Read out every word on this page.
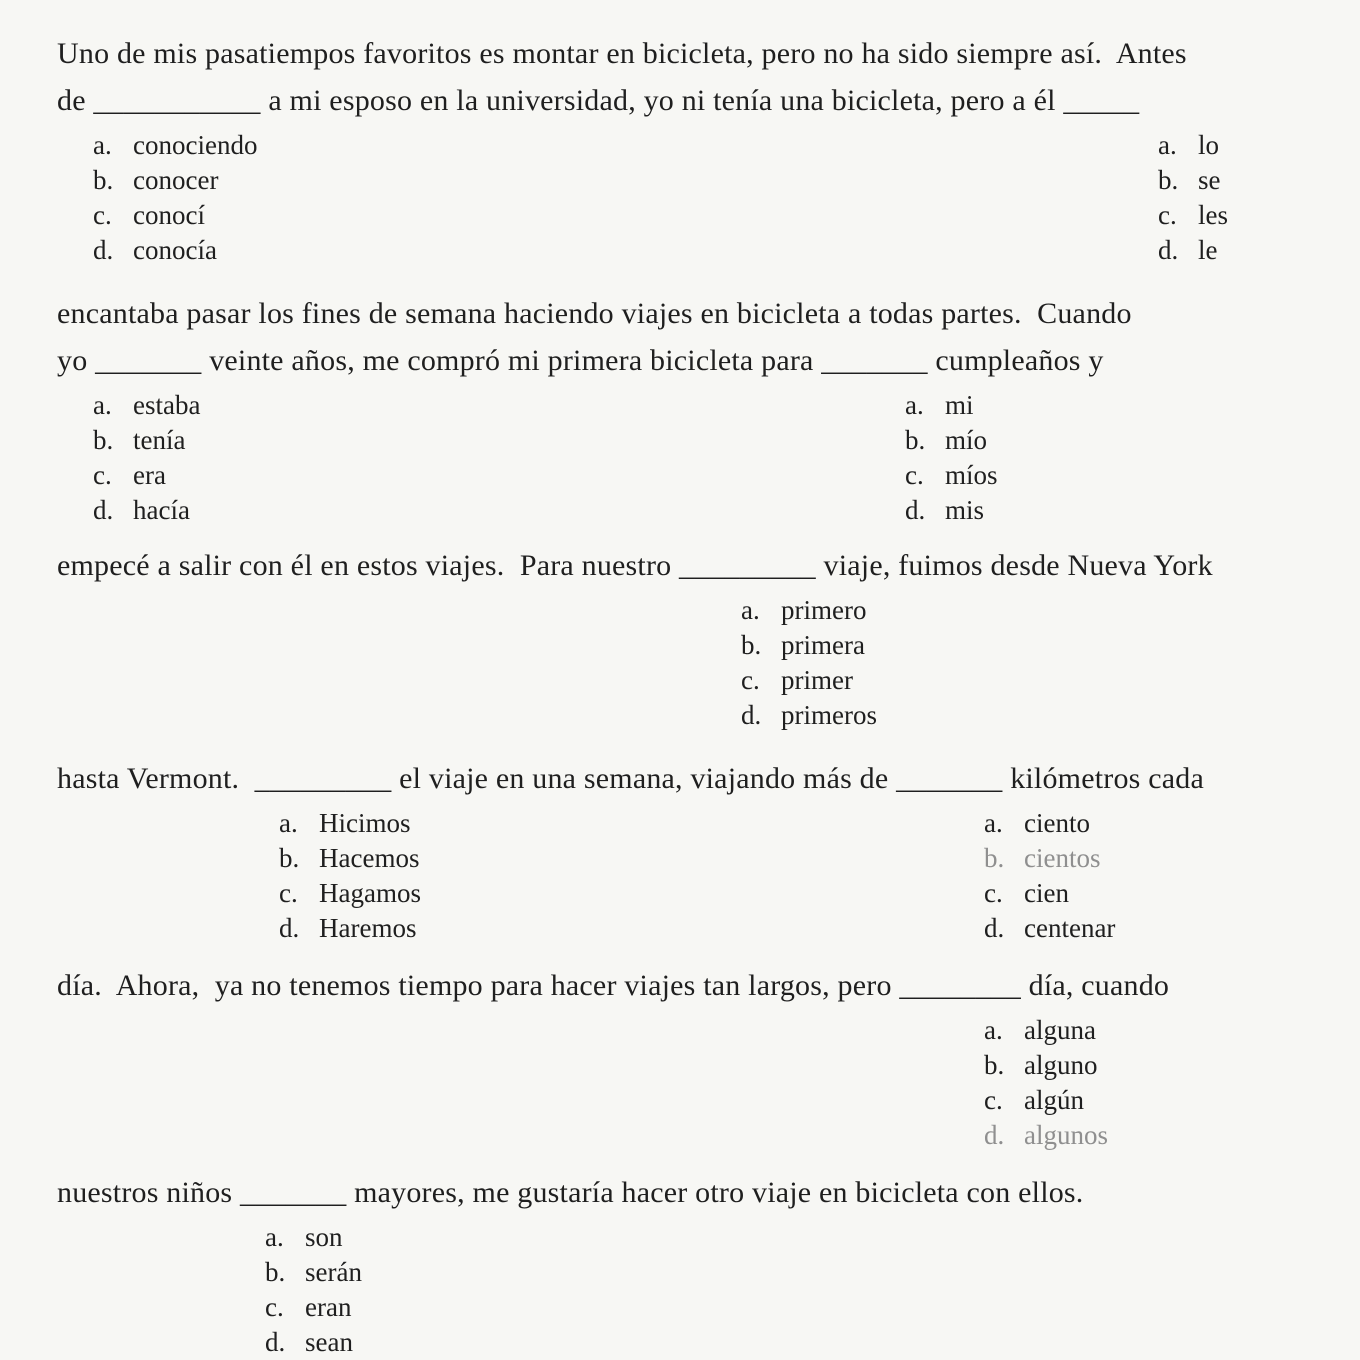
Uno de mis pasatiempos favoritos es montar en bicicleta, pero no ha sido siempre así.  Antes
de ___________ a mi esposo en la universidad, yo ni tenía una bicicleta, pero a él _____
a. conociendo
b. conocer
c. conocí
d. conocía
a. lo
b. se
c. les
d. le
encantaba pasar los fines de semana haciendo viajes en bicicleta a todas partes.  Cuando
yo _______ veinte años, me compró mi primera bicicleta para _______ cumpleaños y
a. estaba
b. tenía
c. era
d. hacía
a. mi
b. mío
c. míos
d. mis
empecé a salir con él en estos viajes.  Para nuestro _________ viaje, fuimos desde Nueva York
a. primero
b. primera
c. primer
d. primeros
hasta Vermont.  _________ el viaje en una semana, viajando más de _______ kilómetros cada
a. Hicimos
b. Hacemos
c. Hagamos
d. Haremos
a. ciento
b. cientos
c. cien
d. centenar
día.  Ahora,  ya no tenemos tiempo para hacer viajes tan largos, pero ________ día, cuando
a. alguna
b. alguno
c. algún
d. algunos
nuestros niños _______ mayores, me gustaría hacer otro viaje en bicicleta con ellos.
a. son
b. serán
c. eran
d. sean
